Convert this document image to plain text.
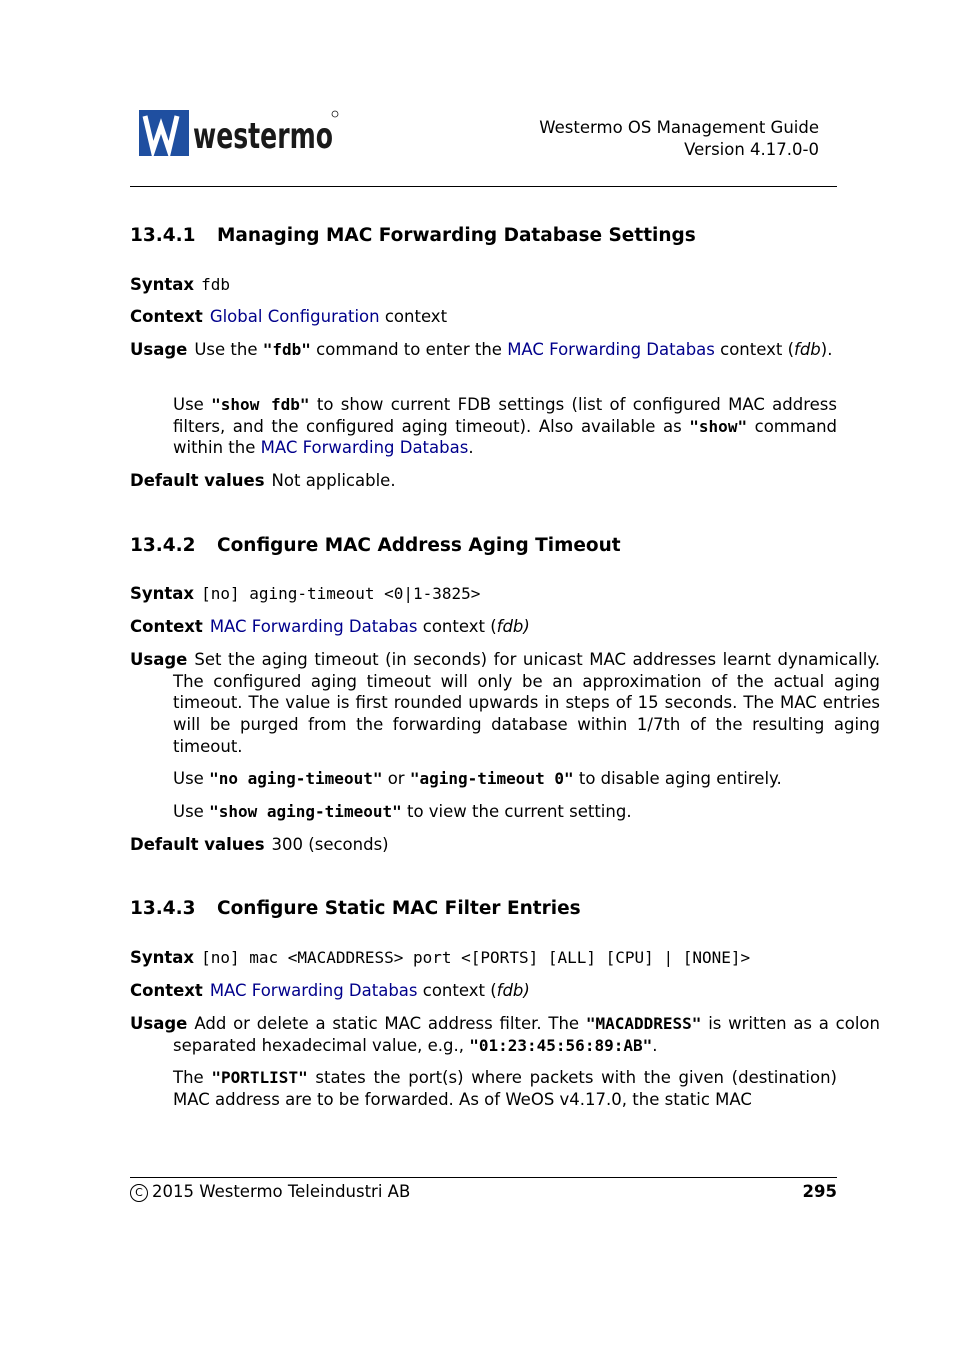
westermo	Westermo OS Management Guide
Version 4.17.0-0
13.4.1 Managing MAC Forwarding Database Settings
Syntax fdb
Context Global Configuration context
Usage Use the "fdb" command to enter the MAC Forwarding Databas context (fdb).
Use "show fdb" to show current FDB settings (list of configured MAC address filters, and the configured aging timeout). Also available as "show" command within the MAC Forwarding Databas.
Default values Not applicable.
13.4.2 Configure MAC Address Aging Timeout
Syntax [no] aging-timeout <0|1-3825>
Context MAC Forwarding Databas context (fdb)
Usage Set the aging timeout (in seconds) for unicast MAC addresses learnt dynamically. The configured aging timeout will only be an approximation of the actual aging timeout. The value is first rounded upwards in steps of 15 seconds. The MAC entries will be purged from the forwarding database within 1/7th of the resulting aging timeout.
Use "no aging-timeout" or "aging-timeout 0" to disable aging entirely.
Use "show aging-timeout" to view the current setting.
Default values 300 (seconds)
13.4.3 Configure Static MAC Filter Entries
Syntax [no] mac <MACADDRESS> port <[PORTS] [ALL] [CPU] | [NONE]>
Context MAC Forwarding Databas context (fdb)
Usage Add or delete a static MAC address filter. The "MACADDRESS" is written as a colon separated hexadecimal value, e.g., "01:23:45:56:89:AB".
The "PORTLIST" states the port(s) where packets with the given (destination) MAC address are to be forwarded. As of WeOS v4.17.0, the static MAC
C 2015 Westermo Teleindustri AB	295
